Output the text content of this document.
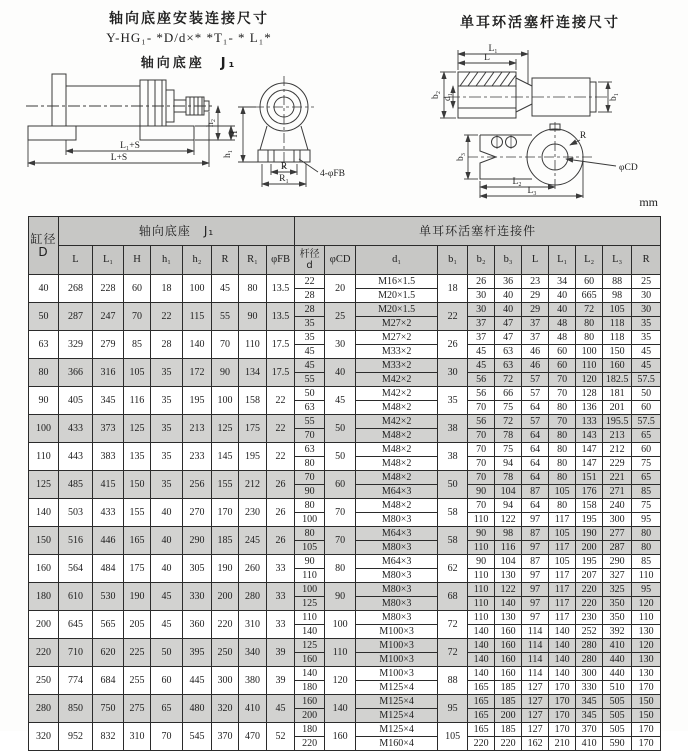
轴向底座安装连接尺寸
Y-HG₁- *D/d×* *T₁- * L₁*
轴向底座　J₁
单耳环活塞杆连接尺寸
L₁+S
L+S
h₂
h₁
H
R
R₁	4-φFB
L₁
L
b₂ d₁	b₁
R
φCD
b₃
L₂
L₃
mm
缸径
D	轴向底座　J₁								单耳环活塞杆连接件										
	L	L₁	H	h₁	h₂	R	R₁	φFB	杆径
d	φCD	d₁	b₁	b₂	b₃	L	L₁	L₂	L₃	R
40	268	228	60	18	100	45	80	13.5	22	20	M16×1.5	18	26	36	23	34	60	88	25
									28		M20×1.5		30	40	29	40	665	98	30
50	287	247	70	22	115	55	90	13.5	28	25	M20×1.5	22	30	40	29	40	72	105	30
									35		M27×2		37	47	37	48	80	118	35
63	329	279	85	28	140	70	110	17.5	35	30	M27×2	26	37	47	37	48	80	118	35
									45		M33×2		45	63	46	60	100	150	45
80	366	316	105	35	172	90	134	17.5	45	40	M33×2	30	45	63	46	60	110	160	45
									55		M42×2		56	72	57	70	120	182.5	57.5
90	405	345	116	35	195	100	158	22	50	45	M42×2	35	56	66	57	70	128	181	50
									63		M48×2		70	75	64	80	136	201	60
100	433	373	125	35	213	125	175	22	55	50	M42×2	38	56	72	57	70	133	195.5	57.5
									70		M48×2		70	78	64	80	143	213	65
110	443	383	135	35	233	145	195	22	63	50	M48×2	38	70	75	64	80	147	212	60
									80		M48×2		70	94	64	80	147	229	75
125	485	415	150	35	256	155	212	26	70	60	M48×2	50	70	78	64	80	151	221	65
									90		M64×3		90	104	87	105	176	271	85
140	503	433	155	40	270	170	230	26	80	70	M48×2	58	70	94	64	80	158	240	75
									100		M80×3		110	122	97	117	195	300	95
150	516	446	165	40	290	185	245	26	80	70	M64×3	58	90	98	87	105	190	277	80
									105		M80×3		110	116	97	117	200	287	80
160	564	484	175	40	305	190	260	33	90	80	M64×3	62	90	104	87	105	195	290	85
									110		M80×3		110	130	97	117	207	327	110
180	610	530	190	45	330	200	280	33	100	90	M80×3	68	110	122	97	117	220	325	95
									125		M80×3		110	140	97	117	220	350	120
200	645	565	205	45	360	220	310	33	110	100	M80×3	72	110	130	97	117	230	350	110
									140		M100×3		140	160	114	140	252	392	130
220	710	620	225	50	395	250	340	39	125	110	M100×3	72	140	160	114	140	280	410	120
									160		M100×3		140	160	114	140	280	440	130
250	774	684	255	60	445	300	380	39	140	120	M100×3	88	140	160	114	140	300	440	130
									180		M125×4		165	185	127	170	330	510	170
280	850	750	275	65	480	320	410	45	160	140	M125×4	95	165	185	127	170	345	505	150
									200		M125×4		165	200	127	170	345	505	150
320	952	832	310	70	545	370	470	52	180	160	M125×4	105	165	185	127	170	370	505	170
									220		M160×4		220	220	162	210	410	590	170
